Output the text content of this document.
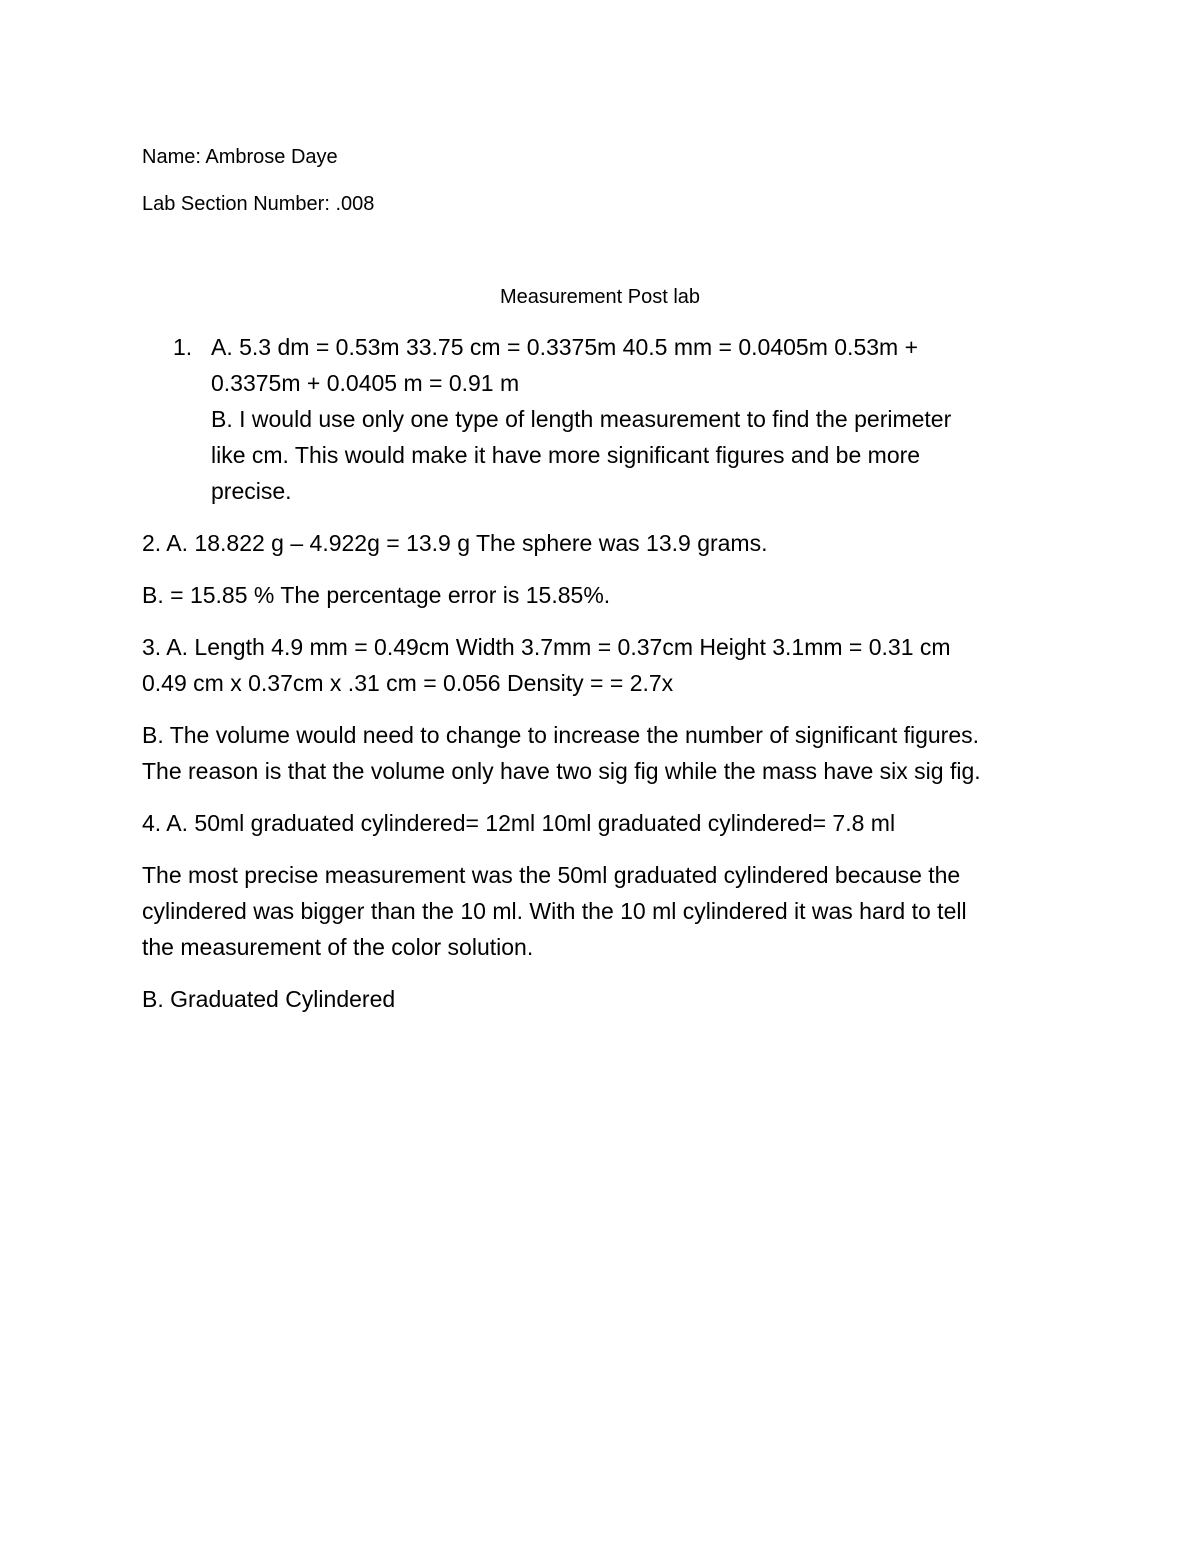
Name: Ambrose Daye
Lab Section Number: .008
Measurement Post lab
1. A. 5.3 dm = 0.53m 33.75 cm = 0.3375m 40.5 mm = 0.0405m 0.53m +
0.3375m + 0.0405 m = 0.91 m
B. I would use only one type of length measurement to find the perimeter
like cm. This would make it have more significant figures and be more
precise.
2. A. 18.822 g – 4.922g = 13.9 g The sphere was 13.9 grams.
B. = 15.85 % The percentage error is 15.85%.
3. A. Length 4.9 mm = 0.49cm Width 3.7mm = 0.37cm Height 3.1mm = 0.31 cm
0.49 cm x 0.37cm x .31 cm = 0.056 Density = = 2.7x
B. The volume would need to change to increase the number of significant figures.
The reason is that the volume only have two sig fig while the mass have six sig fig.
4. A. 50ml graduated cylindered= 12ml 10ml graduated cylindered= 7.8 ml
The most precise measurement was the 50ml graduated cylindered because the
cylindered was bigger than the 10 ml. With the 10 ml cylindered it was hard to tell
the measurement of the color solution.
B. Graduated Cylindered
